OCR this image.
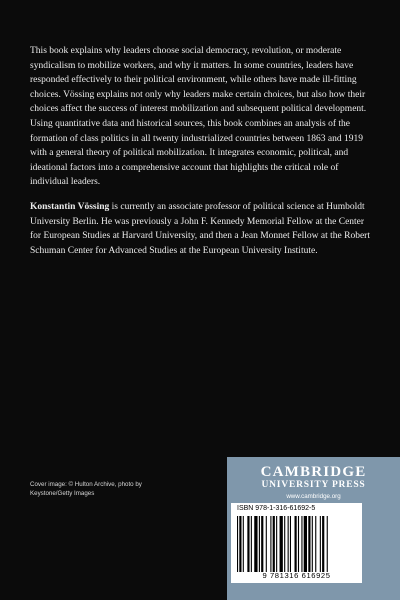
This book explains why leaders choose social democracy, revolution, or moderate syndicalism to mobilize workers, and why it matters. In some countries, leaders have responded effectively to their political environment, while others have made ill-fitting choices. Vössing explains not only why leaders make certain choices, but also how their choices affect the success of interest mobilization and subsequent political development. Using quantitative data and historical sources, this book combines an analysis of the formation of class politics in all twenty industrialized countries between 1863 and 1919 with a general theory of political mobilization. It integrates economic, political, and ideational factors into a comprehensive account that highlights the critical role of individual leaders.

Konstantin Vössing is currently an associate professor of political science at Humboldt University Berlin. He was previously a John F. Kennedy Memorial Fellow at the Center for European Studies at Harvard University, and then a Jean Monnet Fellow at the Robert Schuman Center for Advanced Studies at the European University Institute.

Cover image: © Hulton Archive, photo by
Keystone/Getty Images
CAMBRIDGE
UNIVERSITY PRESS
www.cambridge.org
ISBN 978-1-316-61692-5
9 781316 616925
